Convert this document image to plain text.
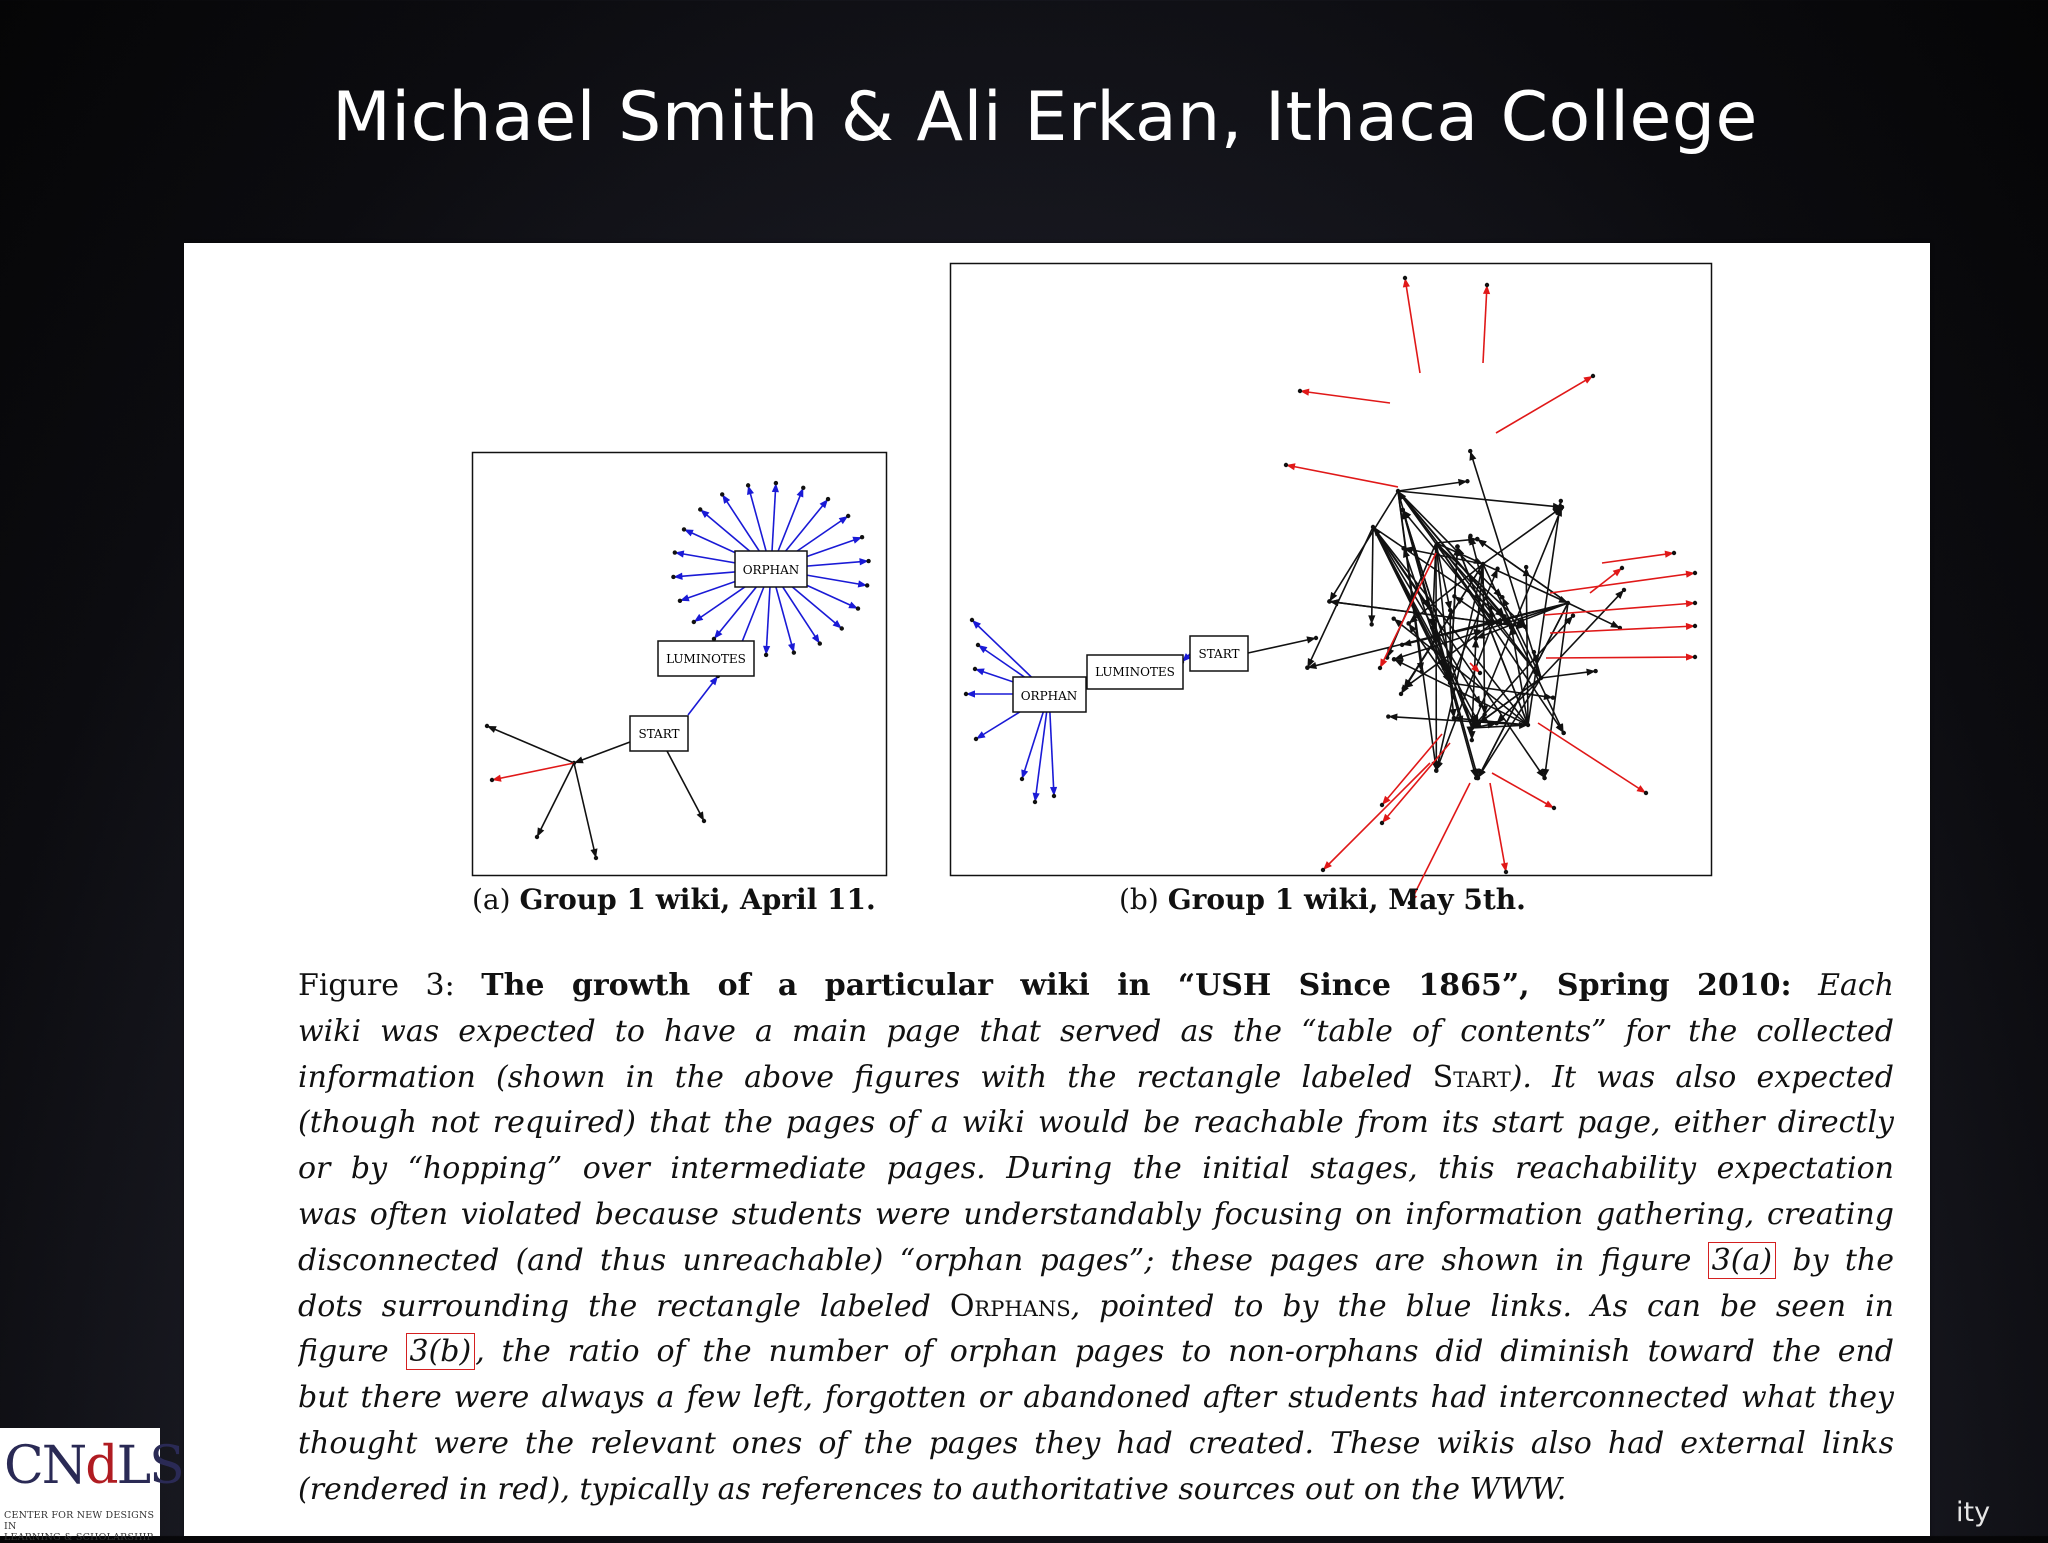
Michael Smith & Ali Erkan, Ithaca College
ORPHAN
LUMINOTES
START
(a) Group 1 wiki, April 11.
START
LUMINOTES
ORPHAN
(b) Group 1 wiki, May 5th.
Figure 3: The growth of a particular wiki in “USH Since 1865”, Spring 2010: Each
wiki was expected to have a main page that served as the “table of contents” for the collected
information (shown in the above figures with the rectangle labeled Start). It was also expected
(though not required) that the pages of a wiki would be reachable from its start page, either directly
or by “hopping” over intermediate pages. During the initial stages, this reachability expectation
was often violated because students were understandably focusing on information gathering, creating
disconnected (and thus unreachable) “orphan pages”; these pages are shown in figure 3(a) by the
dots surrounding the rectangle labeled Orphans, pointed to by the blue links. As can be seen in
figure 3(b) , the ratio of the number of orphan pages to non-orphans did diminish toward the end
but there were always a few left, forgotten or abandoned after students had interconnected what they
thought were the relevant ones of the pages they had created. These wikis also had external links
(rendered in red), typically as references to authoritative sources out on the WWW.
CNdLS
CENTER FOR NEW DESIGNS IN
LEARNING & SCHOLARSHIP
ity
